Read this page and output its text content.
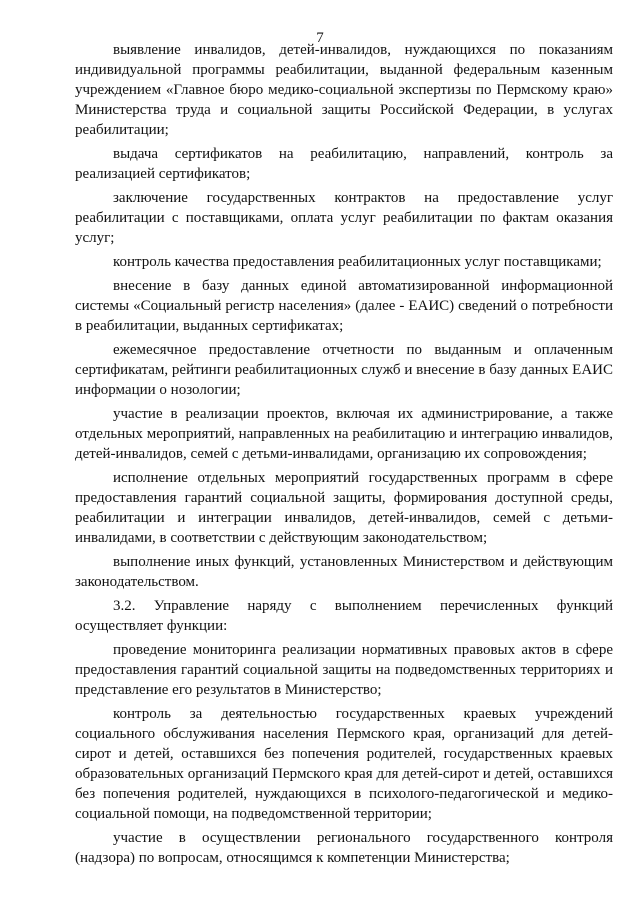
7

выявление инвалидов, детей-инвалидов, нуждающихся по показаниям индивидуальной программы реабилитации, выданной федеральным казенным учреждением «Главное бюро медико-социальной экспертизы по Пермскому краю» Министерства труда и социальной защиты Российской Федерации, в услугах реабилитации;

выдача сертификатов на реабилитацию, направлений, контроль за реализацией сертификатов;

заключение государственных контрактов на предоставление услуг реабилитации с поставщиками, оплата услуг реабилитации по фактам оказания услуг;

контроль качества предоставления реабилитационных услуг поставщиками;

внесение в базу данных единой автоматизированной информационной системы «Социальный регистр населения» (далее - ЕАИС) сведений о потребности в реабилитации, выданных сертификатах;

ежемесячное предоставление отчетности по выданным и оплаченным сертификатам, рейтинги реабилитационных служб и внесение в базу данных ЕАИС информации о нозологии;

участие в реализации проектов, включая их администрирование, а также отдельных мероприятий, направленных на реабилитацию и интеграцию инвалидов, детей-инвалидов, семей с детьми-инвалидами, организацию их сопровождения;

исполнение отдельных мероприятий государственных программ в сфере предоставления гарантий социальной защиты, формирования доступной среды, реабилитации и интеграции инвалидов, детей-инвалидов, семей с детьми-инвалидами, в соответствии с действующим законодательством;

выполнение иных функций, установленных Министерством и действующим законодательством.

3.2. Управление наряду с выполнением перечисленных функций осуществляет функции:

проведение мониторинга реализации нормативных правовых актов в сфере предоставления гарантий социальной защиты на подведомственных территориях и представление его результатов в Министерство;

контроль за деятельностью государственных краевых учреждений социального обслуживания населения Пермского края, организаций для детей-сирот и детей, оставшихся без попечения родителей, государственных краевых образовательных организаций Пермского края для детей-сирот и детей, оставшихся без попечения родителей, нуждающихся в психолого-педагогической и медико-социальной помощи, на подведомственной территории;

участие в осуществлении регионального государственного контроля (надзора) по вопросам, относящимся к компетенции Министерства;
